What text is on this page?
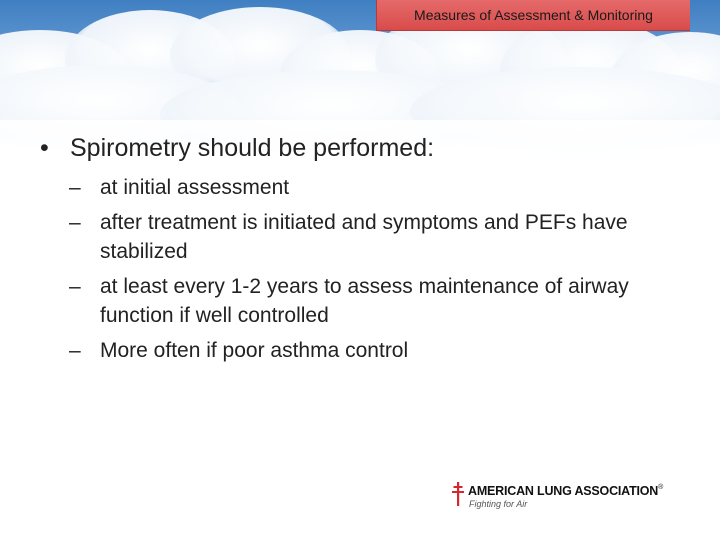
Measures of Assessment & Monitoring

• Spirometry should be performed:

– at initial assessment
– after treatment is initiated and symptoms and PEFs have stabilized
– at least every 1-2 years to assess maintenance of airway function if well controlled
– More often if poor asthma control
AMERICAN LUNG ASSOCIATION®
Fighting for Air
